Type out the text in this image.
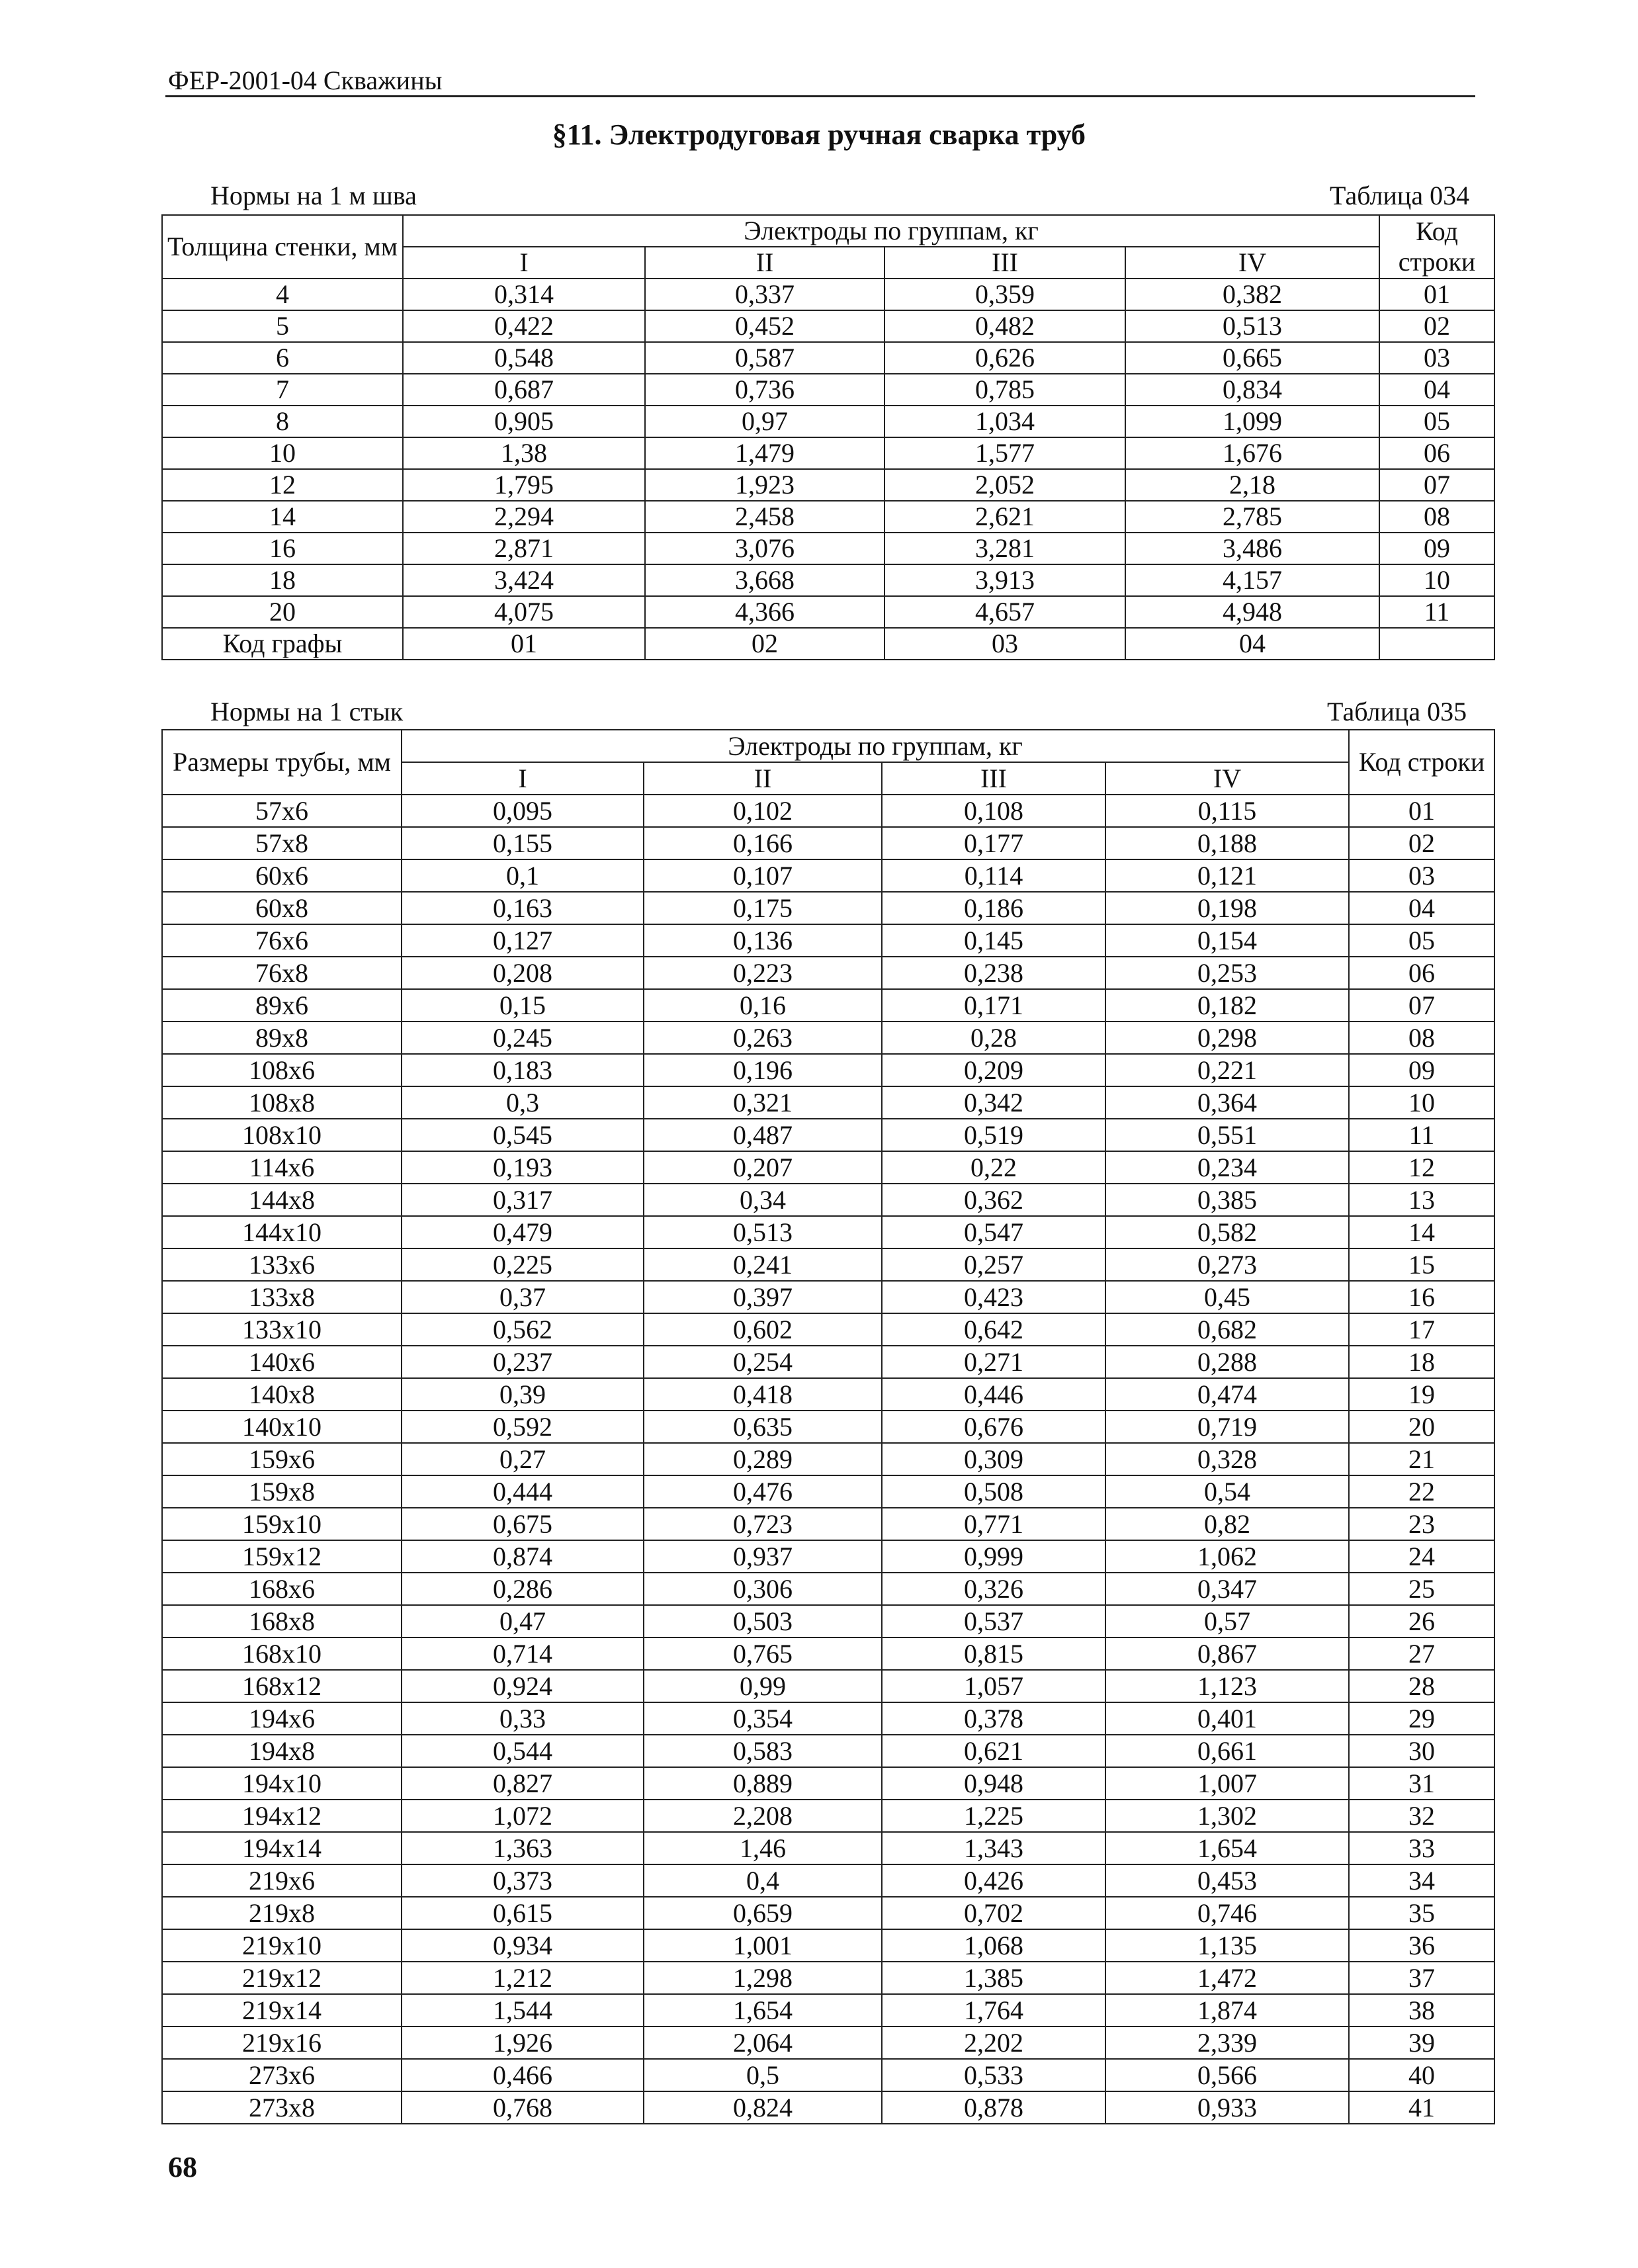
ФЕР-2001-04 Скважины
§11. Электродуговая ручная сварка труб
Нормы на 1 м шва	Таблица 034
Толщина стенки, мм	Электроды по группам, кг				Код строки
	I	II	III	IV	
4	0,314	0,337	0,359	0,382	01
5	0,422	0,452	0,482	0,513	02
6	0,548	0,587	0,626	0,665	03
7	0,687	0,736	0,785	0,834	04
8	0,905	0,97	1,034	1,099	05
10	1,38	1,479	1,577	1,676	06
12	1,795	1,923	2,052	2,18	07
14	2,294	2,458	2,621	2,785	08
16	2,871	3,076	3,281	3,486	09
18	3,424	3,668	3,913	4,157	10
20	4,075	4,366	4,657	4,948	11
Код графы	01	02	03	04	
Нормы на 1 стык	Таблица 035
Размеры трубы, мм	Электроды по группам, кг				Код строки
	I	II	III	IV	
57x6	0,095	0,102	0,108	0,115	01
57x8	0,155	0,166	0,177	0,188	02
60x6	0,1	0,107	0,114	0,121	03
60x8	0,163	0,175	0,186	0,198	04
76x6	0,127	0,136	0,145	0,154	05
76x8	0,208	0,223	0,238	0,253	06
89x6	0,15	0,16	0,171	0,182	07
89x8	0,245	0,263	0,28	0,298	08
108x6	0,183	0,196	0,209	0,221	09
108x8	0,3	0,321	0,342	0,364	10
108x10	0,545	0,487	0,519	0,551	11
114x6	0,193	0,207	0,22	0,234	12
144x8	0,317	0,34	0,362	0,385	13
144x10	0,479	0,513	0,547	0,582	14
133x6	0,225	0,241	0,257	0,273	15
133x8	0,37	0,397	0,423	0,45	16
133x10	0,562	0,602	0,642	0,682	17
140x6	0,237	0,254	0,271	0,288	18
140x8	0,39	0,418	0,446	0,474	19
140x10	0,592	0,635	0,676	0,719	20
159x6	0,27	0,289	0,309	0,328	21
159x8	0,444	0,476	0,508	0,54	22
159x10	0,675	0,723	0,771	0,82	23
159x12	0,874	0,937	0,999	1,062	24
168x6	0,286	0,306	0,326	0,347	25
168x8	0,47	0,503	0,537	0,57	26
168x10	0,714	0,765	0,815	0,867	27
168x12	0,924	0,99	1,057	1,123	28
194x6	0,33	0,354	0,378	0,401	29
194x8	0,544	0,583	0,621	0,661	30
194x10	0,827	0,889	0,948	1,007	31
194x12	1,072	2,208	1,225	1,302	32
194x14	1,363	1,46	1,343	1,654	33
219x6	0,373	0,4	0,426	0,453	34
219x8	0,615	0,659	0,702	0,746	35
219x10	0,934	1,001	1,068	1,135	36
219x12	1,212	1,298	1,385	1,472	37
219x14	1,544	1,654	1,764	1,874	38
219x16	1,926	2,064	2,202	2,339	39
273x6	0,466	0,5	0,533	0,566	40
273x8	0,768	0,824	0,878	0,933	41
68
